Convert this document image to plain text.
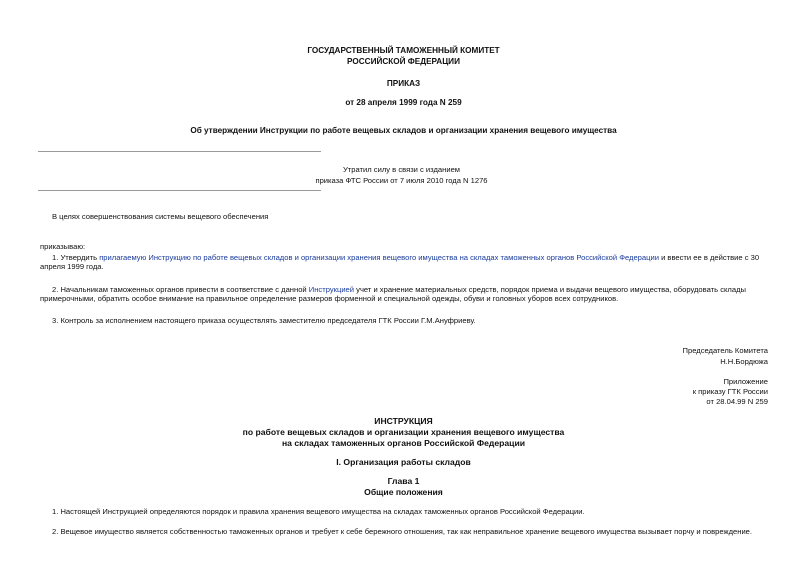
ГОСУДАРСТВЕННЫЙ ТАМОЖЕННЫЙ КОМИТЕТ
РОССИЙСКОЙ ФЕДЕРАЦИИ
ПРИКАЗ
от 28 апреля 1999 года N 259
Об утверждении Инструкции по работе вещевых складов и организации хранения вещевого имущества
Утратил силу в связи с изданием
приказа ФТС России от 7 июля 2010 года N 1276
В целях совершенствования системы вещевого обеспечения
приказываю:
1. Утвердить прилагаемую Инструкцию по работе вещевых складов и организации хранения вещевого имущества на складах таможенных органов Российской Федерации и ввести ее в действие с 30 апреля 1999 года.
2. Начальникам таможенных органов привести в соответствие с данной Инструкцией учет и хранение материальных средств, порядок приема и выдачи вещевого имущества, оборудовать склады примерочными, обратить особое внимание на правильное определение размеров форменной и специальной одежды, обуви и головных уборов всех сотрудников.
3. Контроль за исполнением настоящего приказа осуществлять заместителю председателя ГТК России Г.М.Ануфриеву.
Председатель Комитета
Н.Н.Бордюжа
Приложение
к приказу ГТК России
от 28.04.99 N 259
ИНСТРУКЦИЯ
по работе вещевых складов и организации хранения вещевого имущества
на складах таможенных органов Российской Федерации
I. Организация работы складов
Глава 1
Общие положения
1. Настоящей Инструкцией определяются порядок и правила хранения вещевого имущества на складах таможенных органов Российской Федерации.
2. Вещевое имущество является собственностью таможенных органов и требует к себе бережного отношения, так как неправильное хранение вещевого имущества вызывает порчу и повреждение.
